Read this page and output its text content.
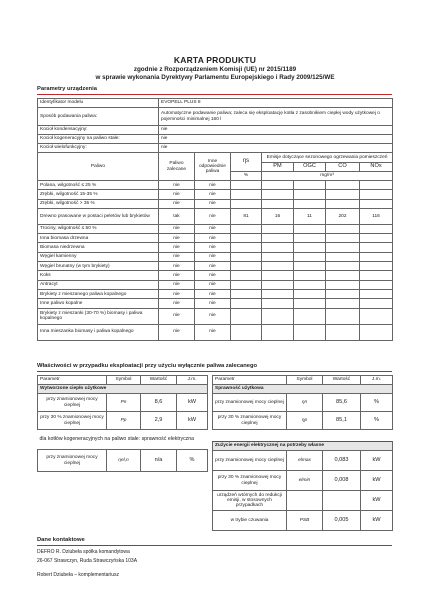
KARTA PRODUKTU
zgodnie z Rozporządzeniem Komisji (UE) nr 2015/1189
w sprawie wykonania Dyrektywy Parlamentu Europejskiego i Rady 2009/125/WE
Parametry urządzenia
Identyfikator modelu	EVOPELL PLUS 8
Sposób podawania paliwa:	Automatyczne podawanie paliwa; zaleca się eksploatację kotła z zasobnikiem ciepłej wody użytkowej o pojemności minimalnej 160 l
Kocioł kondensacyjny:	nie
Kocioł kogeneracyjny na paliwo stałe:	nie
Kocioł wielofunkcyjny:	nie
Paliwo	Paliwo zalecane	Inne odpowiednie paliwa	ηs	Emisje dotyczące sezonowego ogrzewania pomieszczeń			
				PM	OGC	CO	NOx
			%	mg/m³			
Polana, wilgotność ≤ 25 %	nie	nie					
Zrębki, wilgotność 15-35 %	nie	nie					
Zrębki, wilgotność > 35 %	nie	nie					
Drewno prasowane w postaci peletów lub brykietów	tak	nie	81	16	11	202	116
Trociny, wilgotność ≤ 50 %	nie	nie					
Inna biomasa drzewna	nie	nie					
Biomasa niedrzewna	nie	nie					
Węgiel kamienny	nie	nie					
Węgiel brunatny (w tym brykiety)	nie	nie					
Koks	nie	nie					
Antracyt	nie	nie					
Brykiety z mieszanego paliwa kopalnego	nie	nie					
Inne paliwo kopalne	nie	nie					
Brykiety z mieszanki (30-70 %) biomasy i paliwa kopalnego	nie	nie					
Inna mieszanka biomasy i paliwa kopalnego	nie	nie					
Właściwości w przypadku eksploatacji przy użyciu wyłącznie paliwa zalecanego
Parametr	Symbol	Wartość	J.m.
Wytworzone ciepło użytkowe			
przy znamionowej mocy cieplnej	Pn	8,6	kW
przy 30 % znamionowej mocy cieplnej	Pp	2,9	kW
dla kotłów kogeneracyjnych na paliwo stałe: sprawność elektryczna			
przy znamionowej mocy cieplnej	ηel,n	n/a	%
Parametr	Symbol	Wartość	J.m.
Sprawność użytkowa			
przy znamionowej mocy cieplnej	ηn	85,6	%
przy 30 % znamionowej mocy cieplnej	ηp	85,1	%

Zużycie energii elektrycznej na potrzeby własne			
przy znamionowej mocy cieplnej	elmax	0,083	kW
przy 30 % znamionowej mocy cieplnej	elmin	0,008	kW
urządzeń wtórnych do redukcji emisji, w stosownych przypadkach			kW
w trybie czuwania	PSB	0,005	kW
Dane kontaktowe
DEFRO R. Dziubeła spółka komandytowa
26-067 Strawczyn, Ruda Strawczyńska 103A
Robert Dziubeła – komplementariusz
